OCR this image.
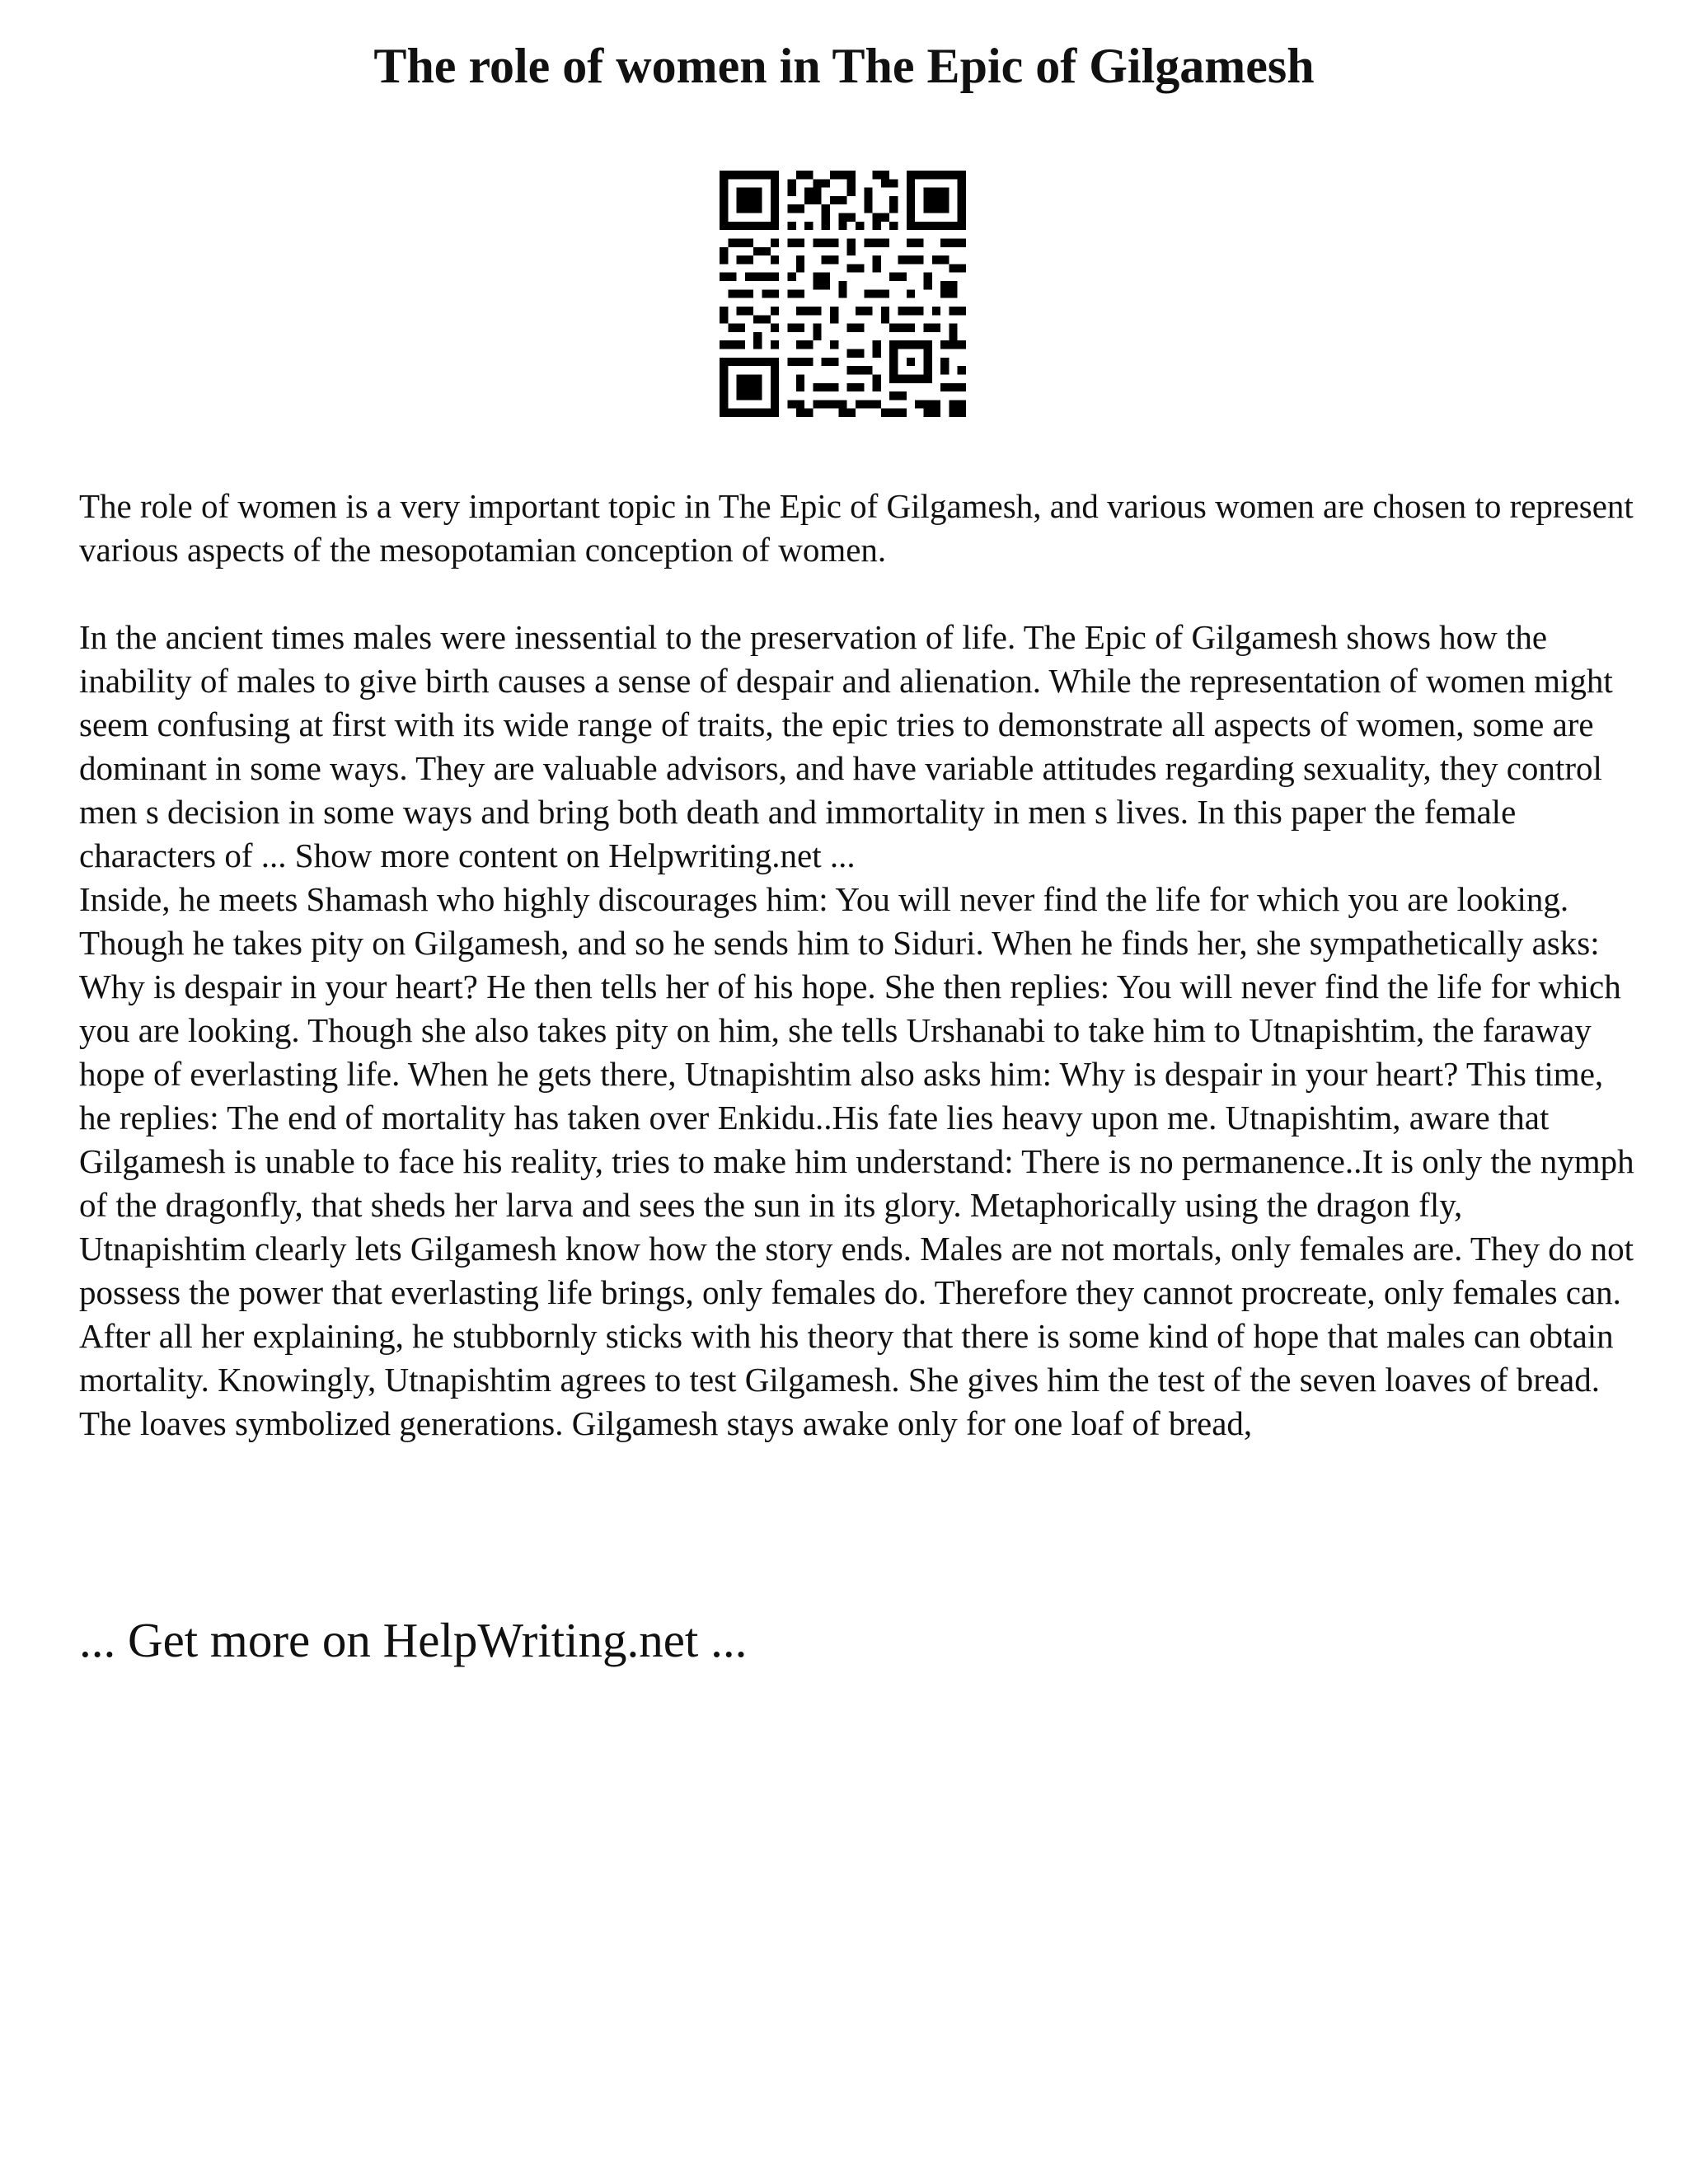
The role of women in The Epic of Gilgamesh

The role of women is a very important topic in The Epic of Gilgamesh, and various women are chosen to represent various aspects of the mesopotamian conception of women.

In the ancient times males were inessential to the preservation of life. The Epic of Gilgamesh shows how the inability of males to give birth causes a sense of despair and alienation. While the representation of women might seem confusing at first with its wide range of traits, the epic tries to demonstrate all aspects of women, some are dominant in some ways. They are valuable advisors, and have variable attitudes regarding sexuality, they control men s decision in some ways and bring both death and immortality in men s lives. In this paper the female characters of ... Show more content on Helpwriting.net ...

Inside, he meets Shamash who highly discourages him: You will never find the life for which you are looking. Though he takes pity on Gilgamesh, and so he sends him to Siduri. When he finds her, she sympathetically asks: Why is despair in your heart? He then tells her of his hope. She then replies: You will never find the life for which you are looking. Though she also takes pity on him, she tells Urshanabi to take him to Utnapishtim, the faraway hope of everlasting life. When he gets there, Utnapishtim also asks him: Why is despair in your heart? This time, he replies: The end of mortality has taken over Enkidu..His fate lies heavy upon me. Utnapishtim, aware that Gilgamesh is unable to face his reality, tries to make him understand: There is no permanence..It is only the nymph of the dragonfly, that sheds her larva and sees the sun in its glory. Metaphorically using the dragon fly, Utnapishtim clearly lets Gilgamesh know how the story ends. Males are not mortals, only females are. They do not possess the power that everlasting life brings, only females do. Therefore they cannot procreate, only females can. After all her explaining, he stubbornly sticks with his theory that there is some kind of hope that males can obtain mortality. Knowingly, Utnapishtim agrees to test Gilgamesh. She gives him the test of the seven loaves of bread. The loaves symbolized generations. Gilgamesh stays awake only for one loaf of bread,

... Get more on HelpWriting.net ...
